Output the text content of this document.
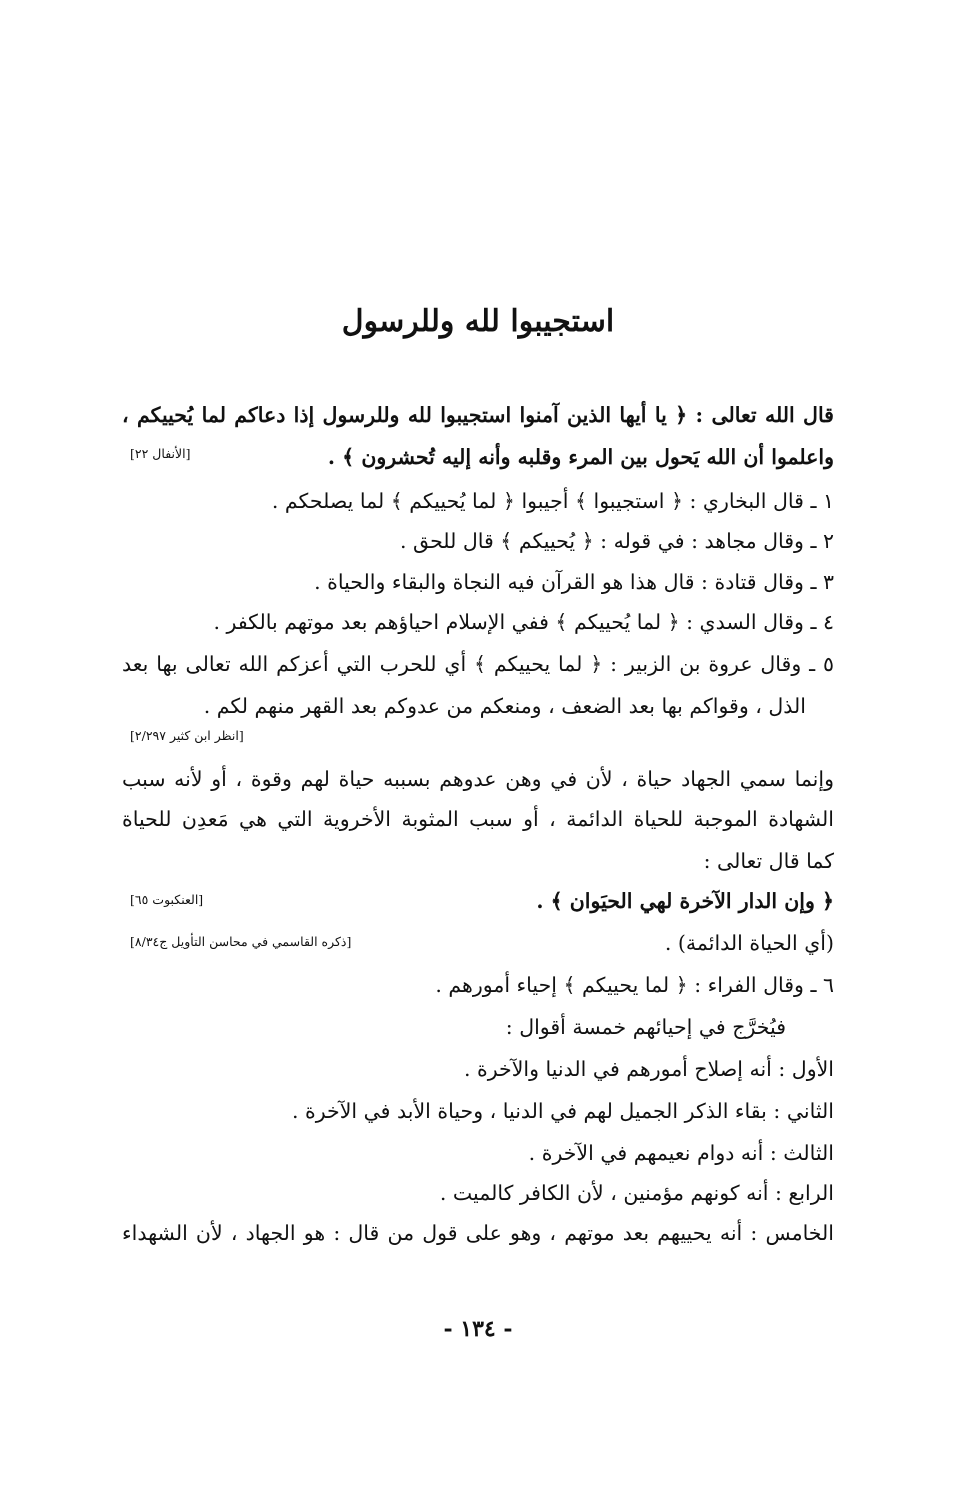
استجيبوا لله وللرسول
قال الله تعالى : ﴿ يا أيها الذين آمنوا استجيبوا لله وللرسول إذا دعاكم لما يُحييكم ،
واعلموا أن الله يَحول بين المرء وقلبه وأنه إليه تُحشرون ﴾ .
[الأنفال ٢٢]
١ ـ قال البخاري : ﴿ استجيبوا ﴾ أجيبوا ﴿ لما يُحييكم ﴾ لما يصلحكم .
٢ ـ وقال مجاهد : في قوله : ﴿ يُحييكم ﴾ قال للحق .
٣ ـ وقال قتادة : قال هذا هو القرآن فيه النجاة والبقاء والحياة .
٤ ـ وقال السدي : ﴿ لما يُحييكم ﴾ ففي الإسلام احياؤهم بعد موتهم بالكفر .
٥ ـ وقال عروة بن الزبير : ﴿ لما يحييكم ﴾ أي للحرب التي أعزكم الله تعالى بها بعد
الذل ، وقواكم بها بعد الضعف ، ومنعكم من عدوكم بعد القهر منهم لكم .
[انظر ابن كثير ٢/٢٩٧]
وإنما سمي الجهاد حياة ، لأن في وهن عدوهم بسببه حياة لهم وقوة ، أو لأنه سبب
الشهادة الموجبة للحياة الدائمة ، أو سبب المثوبة الأخروية التي هي مَعدِن للحياة
كما قال تعالى :
﴿ وإن الدار الآخرة لهي الحيَوان ﴾ .
[العنكبوت ٦٥]
(أي الحياة الدائمة) .
[ذكره القاسمي في محاسن التأويل ج٨/٣٤]
٦ ـ وقال الفراء : ﴿ لما يحييكم ﴾ إحياء أمورهم .
فيُخرَّج في إحيائهم خمسة أقوال :
الأول : أنه إصلاح أمورهم في الدنيا والآخرة .
الثاني : بقاء الذكر الجميل لهم في الدنيا ، وحياة الأبد في الآخرة .
الثالث : أنه دوام نعيمهم في الآخرة .
الرابع : أنه كونهم مؤمنين ، لأن الكافر كالميت .
الخامس : أنه يحييهم بعد موتهم ، وهو على قول من قال : هو الجهاد ، لأن الشهداء
- ١٣٤ -
